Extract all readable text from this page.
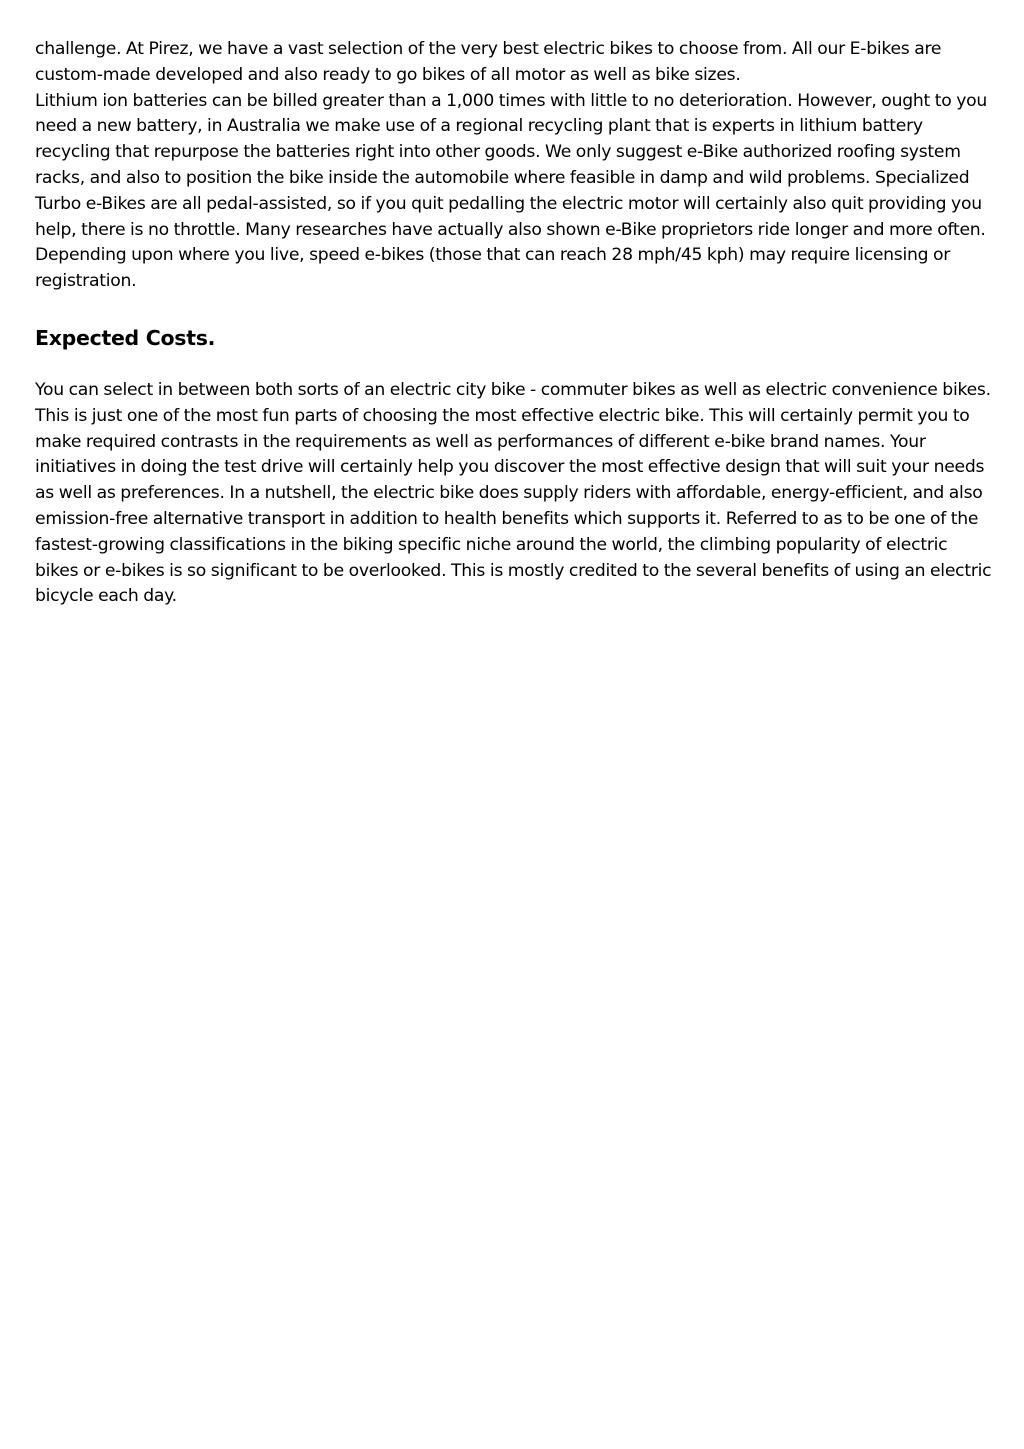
challenge. At Pirez, we have a vast selection of the very best electric bikes to choose from. All our E-bikes are custom-made developed and also ready to go bikes of all motor as well as bike sizes.

Lithium ion batteries can be billed greater than a 1,000 times with little to no deterioration. However, ought to you need a new battery, in Australia we make use of a regional recycling plant that is experts in lithium battery recycling that repurpose the batteries right into other goods. We only suggest e-Bike authorized roofing system racks, and also to position the bike inside the automobile where feasible in damp and wild problems. Specialized Turbo e-Bikes are all pedal-assisted, so if you quit pedalling the electric motor will certainly also quit providing you help, there is no throttle. Many researches have actually also shown e-Bike proprietors ride longer and more often. Depending upon where you live, speed e-bikes (those that can reach 28 mph/45 kph) may require licensing or registration.

Expected Costs.

You can select in between both sorts of an electric city bike - commuter bikes as well as electric convenience bikes. This is just one of the most fun parts of choosing the most effective electric bike. This will certainly permit you to make required contrasts in the requirements as well as performances of different e-bike brand names. Your initiatives in doing the test drive will certainly help you discover the most effective design that will suit your needs as well as preferences. In a nutshell, the electric bike does supply riders with affordable, energy-efficient, and also emission-free alternative transport in addition to health benefits which supports it. Referred to as to be one of the fastest-growing classifications in the biking specific niche around the world, the climbing popularity of electric bikes or e-bikes is so significant to be overlooked. This is mostly credited to the several benefits of using an electric bicycle each day.
